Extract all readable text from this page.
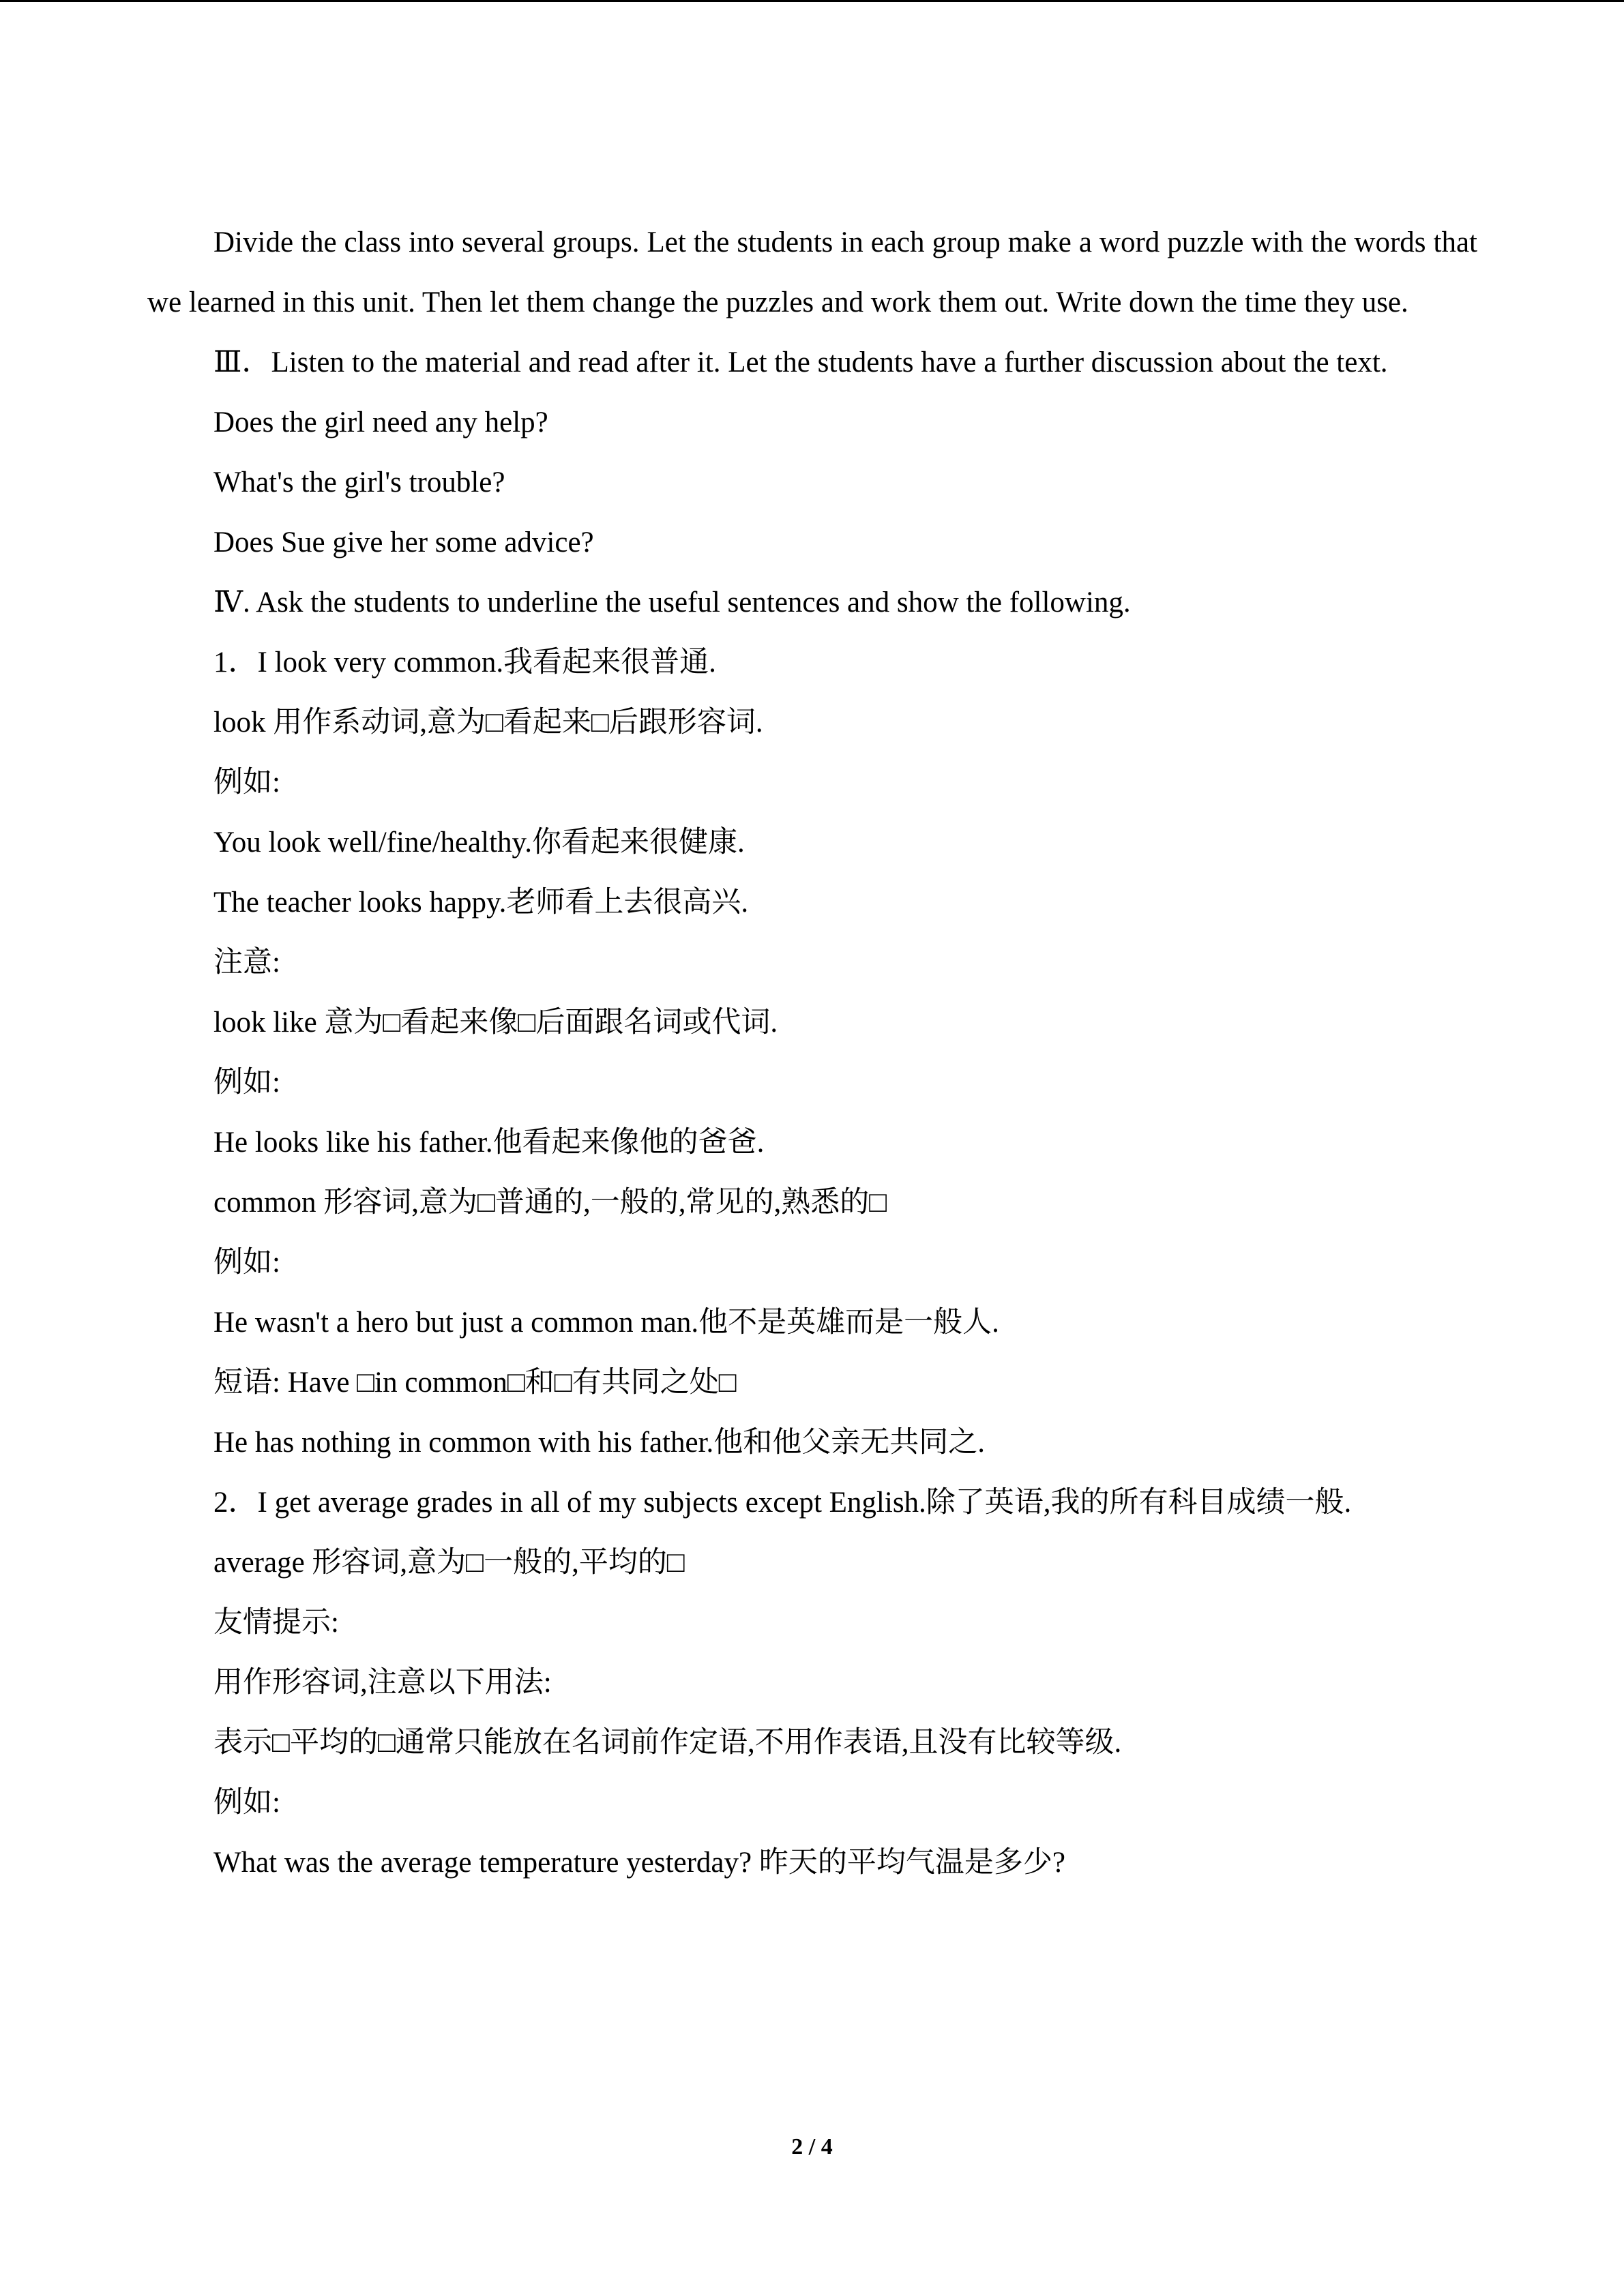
Divide the class into several groups. Let the students in each group make a word puzzle with the words that we learned in this unit. Then let them change the puzzles and work them out. Write down the time they use.

Ⅲ．Listen to the material and read after it. Let the students have a further discussion about the text.

Does the girl need any help?

What's the girl's trouble?

Does Sue give her some advice?

Ⅳ. Ask the students to underline the useful sentences and show the following.

1．I look very common.我看起来很普通.

look 用作系动词,意为□看起来□后跟形容词.

例如:

You look well/fine/healthy.你看起来很健康.

The teacher looks happy.老师看上去很高兴.

注意:

look like 意为□看起来像□后面跟名词或代词.

例如:

He looks like his father.他看起来像他的爸爸.

common 形容词,意为□普通的,一般的,常见的,熟悉的□

例如:

He wasn't a hero but just a common man.他不是英雄而是一般人.

短语: Have □in common□和□有共同之处□

He has nothing in common with his father.他和他父亲无共同之.

2．I get average grades in all of my subjects except English.除了英语,我的所有科目成绩一般.

average 形容词,意为□一般的,平均的□

友情提示:

用作形容词,注意以下用法:

表示□平均的□通常只能放在名词前作定语,不用作表语,且没有比较等级.

例如:

What was the average temperature yesterday? 昨天的平均气温是多少?

2 / 4
